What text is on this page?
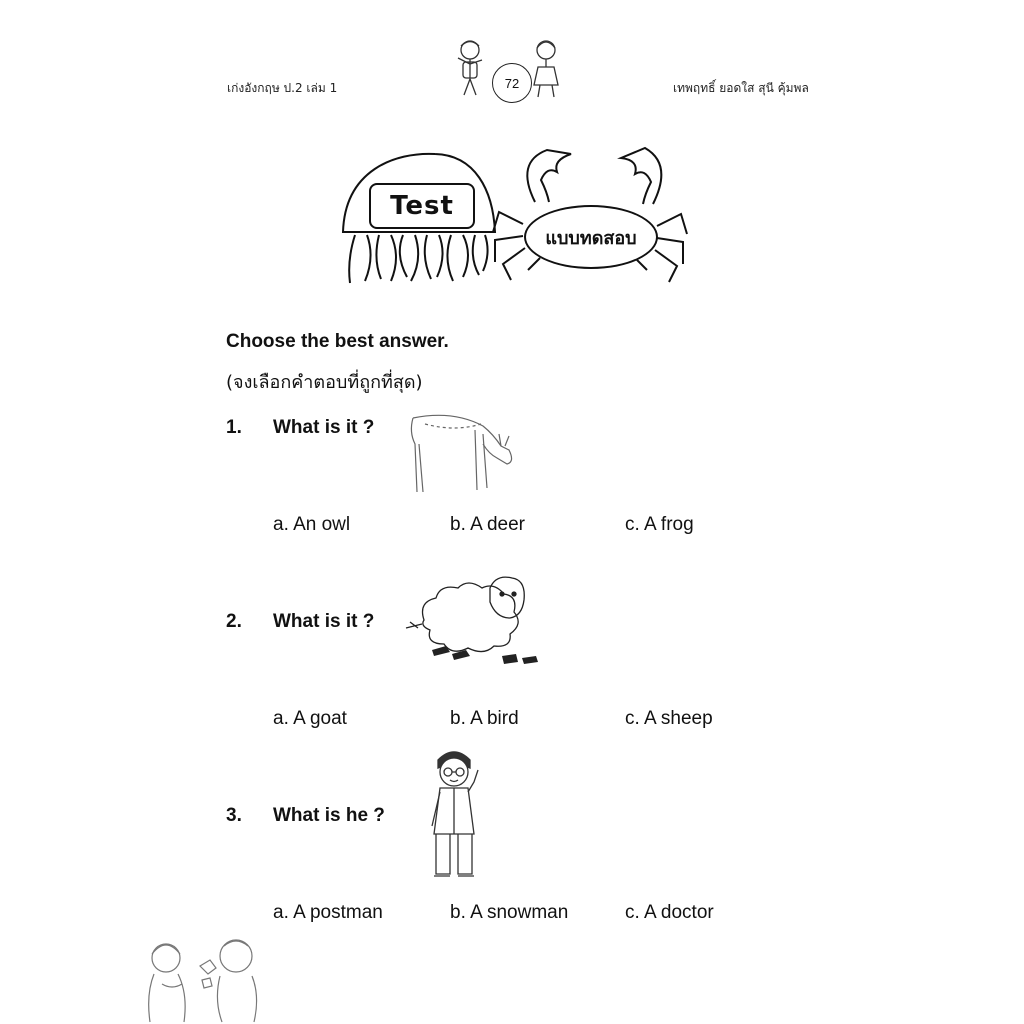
เก่งอังกฤษ ป.2 เล่ม 1	72	เทพฤทธิ์ ยอดใส สุนี คุ้มพล
Test
แบบทดสอบ
Choose the best answer.
(จงเลือกคำตอบที่ถูกที่สุด)
1. What is it ?
a. An owl	b. A deer	c. A frog
2. What is it ?
a. A goat	b. A bird	c. A sheep
3. What is he ?
a. A postman	b. A snowman	c. A doctor
